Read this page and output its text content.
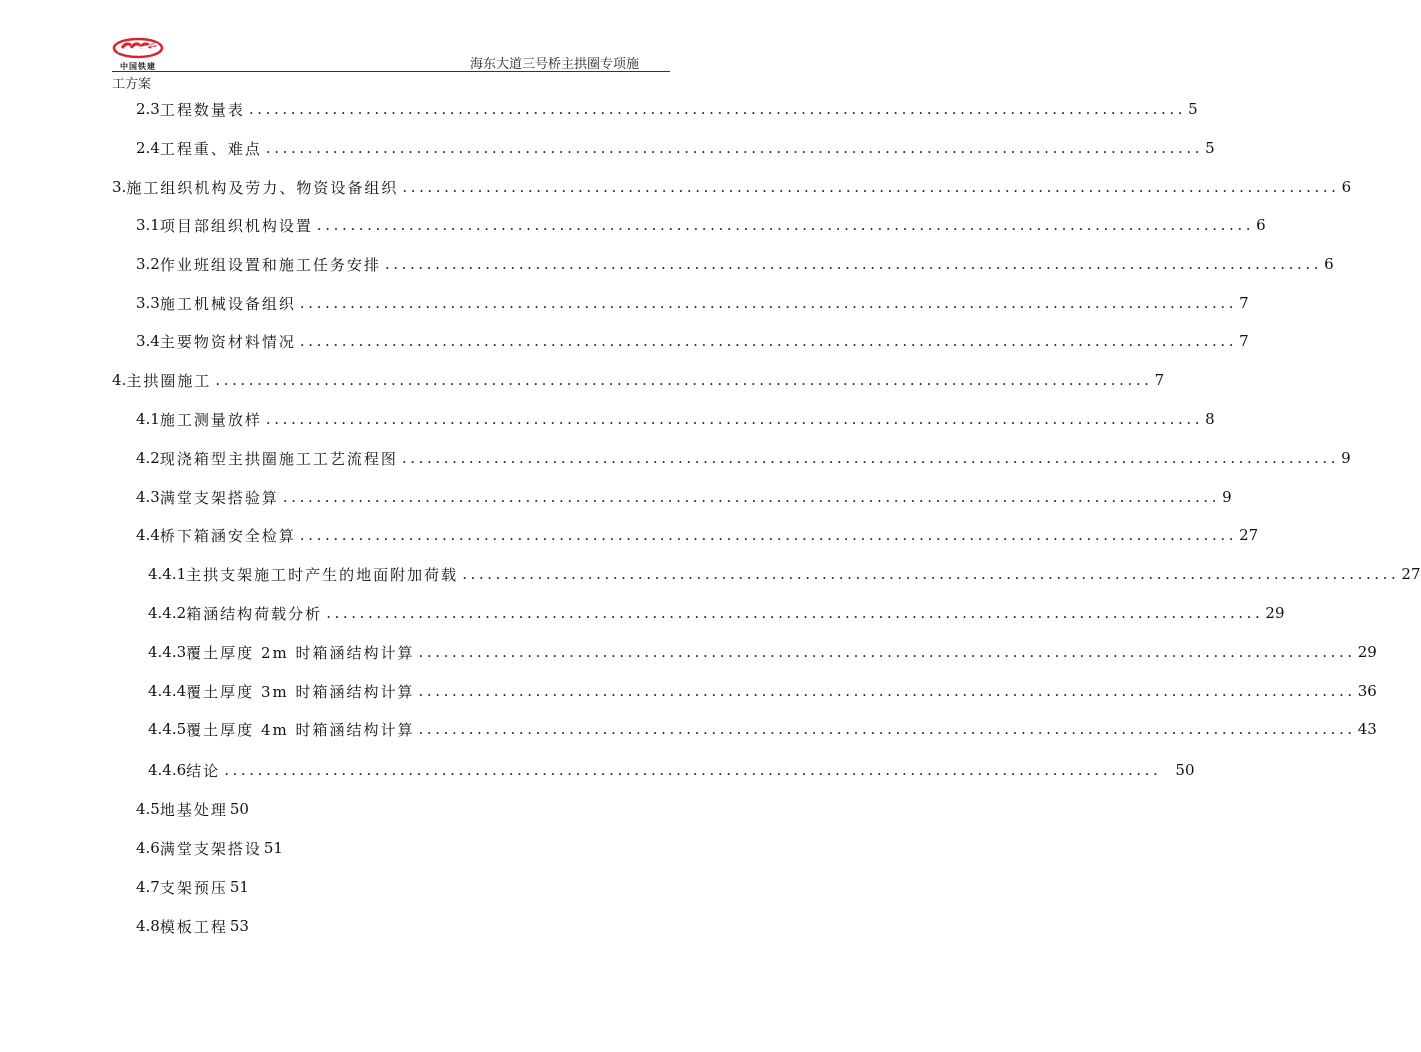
中国铁建	海东大道三号桥主拱圈专项施
工方案
2.3 工程数量表 ................................................................................................................ 5
2.4 工程重、难点 ................................................................................................................ 5
3. 施工组织机构及劳力、物资设备组织 ................................................................................................................ 6
3.1 项目部组织机构设置 ................................................................................................................ 6
3.2 作业班组设置和施工任务安排 ................................................................................................................ 6
3.3 施工机械设备组织 ................................................................................................................ 7
3.4 主要物资材料情况 ................................................................................................................ 7
4. 主拱圈施工 ................................................................................................................ 7
4.1 施工测量放样 ................................................................................................................ 8
4.2 现浇箱型主拱圈施工工艺流程图 ................................................................................................................ 9
4.3 满堂支架搭验算 ................................................................................................................ 9
4.4 桥下箱涵安全检算 ................................................................................................................ 27
4.4.1 主拱支架施工时产生的地面附加荷载 ................................................................................................................ 27
4.4.2 箱涵结构荷载分析 ................................................................................................................ 29
4.4.3 覆土厚度 2m 时箱涵结构计算 ................................................................................................................ 29
4.4.4 覆土厚度 3m 时箱涵结构计算 ................................................................................................................ 36
4.4.5 覆土厚度 4m 时箱涵结构计算 ................................................................................................................ 43
4.4.6 结论 ................................................................................................................ 50
4.5 地基处理 50
4.6 满堂支架搭设 51
4.7 支架预压 51
4.8 模板工程 53
